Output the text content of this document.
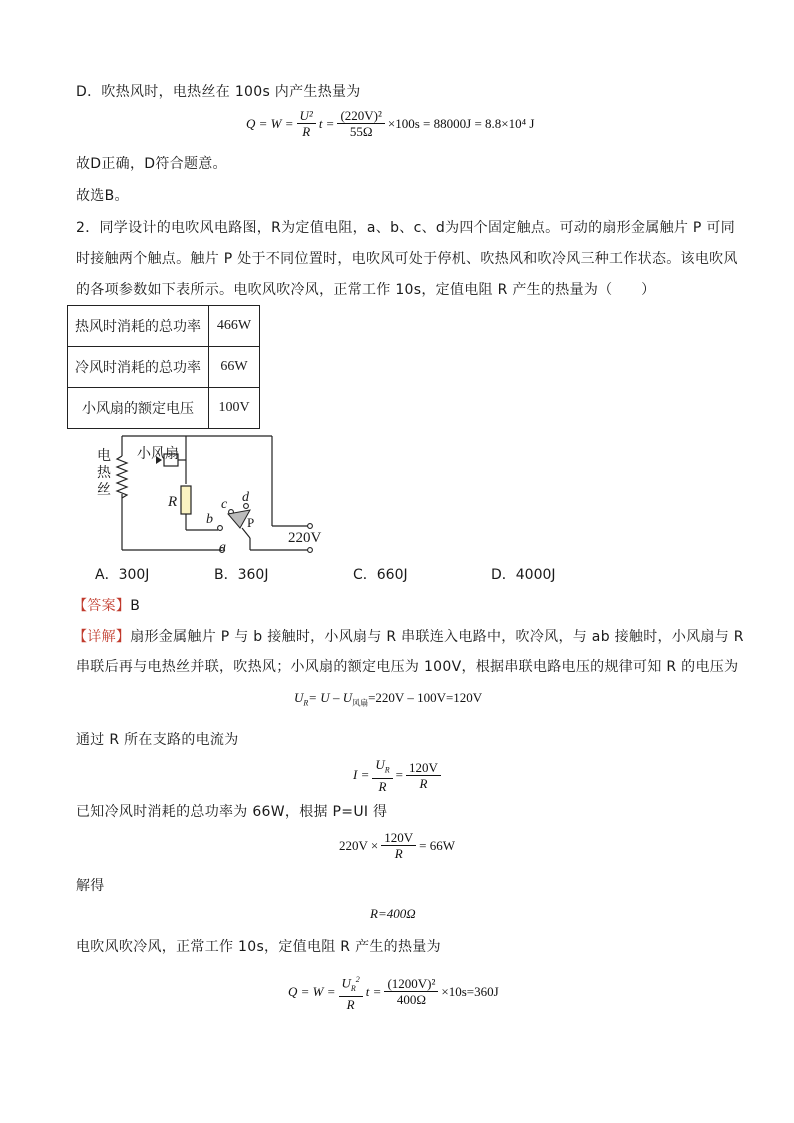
D．吹热风时，电热丝在 100s 内产生热量为
$Q = W = \frac{\text{U²}}{R}$ $t = \frac{\text{(220V)²}}{55\Omega} \times 100s = 88000J = 8.8\times 10^4$ J
故D正确，D符合题意。
故选B。
2．同学设计的电吹风电路图，R为定值电阻，a、b、c、d为四个固定触点。可动的扇形金属触片 P 可同
时接触两个触点。触片 P 处于不同位置时，电吹风可处于停机、吹热风和吹冷风三种工作状态。该电吹风
的各项参数如下表所示。电吹风吹冷风，正常工作 10s，定值电阻 R 产生的热量为（　　）
热风时消耗的总功率	466W
冷风时消耗的总功率	66W
小风扇的额定电压	100V
电热丝
小风扇
R
b
a
c d
P
220V
A．300J	B．360J	C．660J	D．4000J
【答案】B
【详解】扇形金属触片 P 与 b 接触时，小风扇与 R 串联连入电路中，吹冷风，与 ab 接触时，小风扇与 R
串联后再与电热丝并联，吹热风；小风扇的额定电压为 100V，根据串联电路电压的规律可知 R 的电压为
$U_R= U - U_{风扇}=220V - 100V=120V$
通过 R 所在支路的电流为
$I = \frac{U_R}{R} = \frac{120V}{R}$
已知冷风时消耗的总功率为 66W，根据 P=UI 得
$220V \times \frac{120V}{R} = 66W$
解得
R=400Ω
电吹风吹冷风，正常工作 10s，定值电阻 R 产生的热量为
$Q = W = \frac{U_R^2}{R}$ $t = \frac{\text{(1200V)²}}{400\Omega} \times 10s=360J$
